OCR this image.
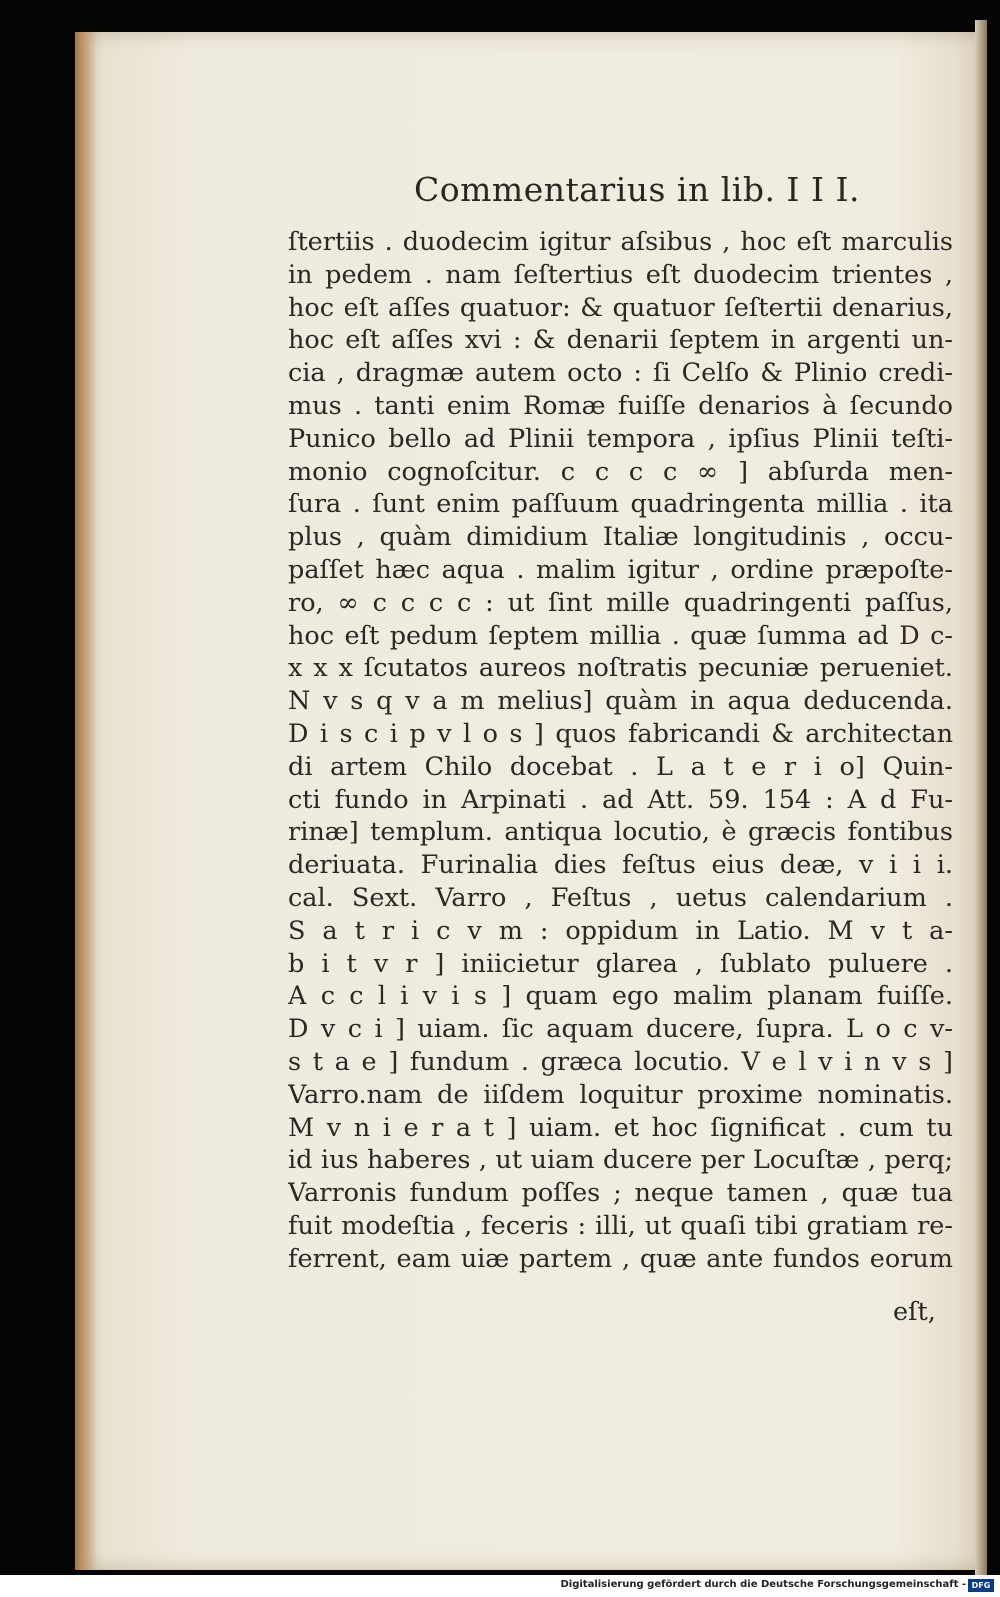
Commentarius in lib. I I I.
ſtertiis . duodecim igitur aſsibus , hoc eſt marculis
in pedem . nam ſeſtertius eſt duodecim trientes ,
hoc eſt aſſes quatuor: & quatuor ſeſtertii denarius,
hoc eſt aſſes xvi : & denarii ſeptem in argenti un-
cia , dragmæ autem octo : ſi Celſo & Plinio credi-
mus . tanti enim Romæ fuiſſe denarios à ſecundo
Punico bello ad Plinii tempora , ipſius Plinii teſti-
monio cognoſcitur. c c c c ∞ ] abſurda men-
ſura . ſunt enim paſſuum quadringenta millia . ita
plus , quàm dimidium Italiæ longitudinis , occu-
paſſet hæc aqua . malim igitur , ordine præpoſte-
ro, ∞ c c c c : ut ſint mille quadringenti paſſus,
hoc eſt pedum ſeptem millia . quæ ſumma ad D c-
x x x ſcutatos aureos noſtratis pecuniæ perueniet.
N v s q v a m melius] quàm in aqua deducenda.
D i s c i p v l o s ] quos fabricandi & architectan
di artem Chilo docebat . L a t e r i o] Quin-
cti fundo in Arpinati . ad Att. 59. 154 : A d Fu-
rinæ] templum. antiqua locutio, è græcis fontibus
deriuata. Furinalia dies feſtus eius deæ, v i i i.
cal. Sext. Varro , Feſtus , uetus calendarium .
S a t r i c v m : oppidum in Latio. M v t a-
b i t v r ] iniicietur glarea , ſublato puluere .
A c c l i v i s ] quam ego malim planam fuiſſe.
D v c i ] uiam. ſic aquam ducere, ſupra. L o c v-
s t a e ] fundum . græca locutio. V e l v i n v s ]
Varro.nam de iiſdem loquitur proxime nominatis.
M v n i e r a t ] uiam. et hoc ſignificat . cum tu
id ius haberes , ut uiam ducere per Locuſtæ , perq;
Varronis fundum poſſes ; neque tamen , quæ tua
fuit modeſtia , feceris : illi, ut quaſi tibi gratiam re-
ferrent, eam uiæ partem , quæ ante fundos eorum
eſt,
Digitalisierung gefördert durch die Deutsche Forschungsgemeinschaft - DFG
